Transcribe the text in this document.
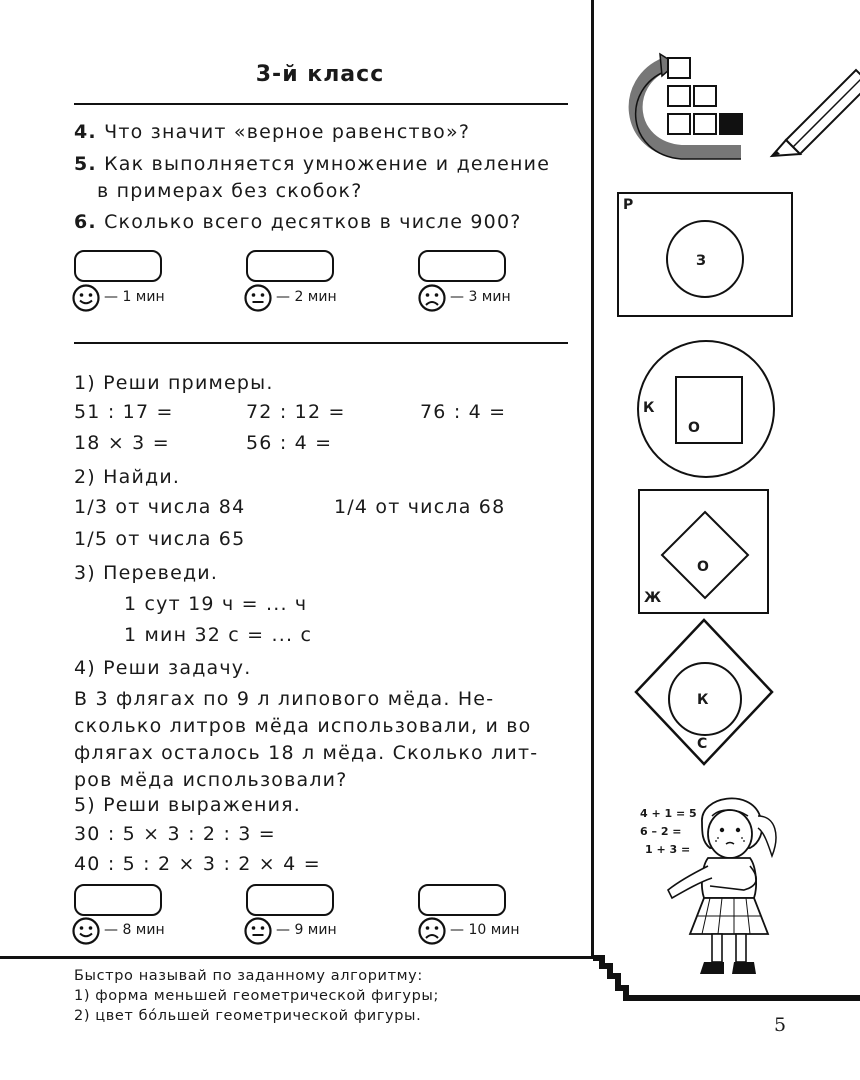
3-й класс
4. Что значит «верное равенство»?
5. Как выполняется умножение и деление
в примерах без скобок?
6. Сколько всего десятков в числе 900?
— 1 мин	— 2 мин	— 3 мин
1) Реши примеры.
51 : 17 =	72 : 12 =	76 : 4 =
18 × 3 =	56 : 4 =
2) Найди.
1/3 от числа 84	1/4 от числа 68
1/5 от числа 65
3) Переведи.
1 сут 19 ч = ... ч
1 мин 32 с = ... с
4) Реши задачу.
В 3 флягах по 9 л липового мёда. Не-
сколько литров мёда использовали, и во
флягах осталось 18 л мёда. Сколько лит-
ров мёда использовали?
5) Реши выражения.
30 : 5 × 3 : 2 : 3 =
40 : 5 : 2 × 3 : 2 × 4 =
— 8 мин	— 9 мин	— 10 мин
Быстро называй по заданному алгоритму:
1) форма меньшей геометрической фигуры;
2) цвет бо́льшей геометрической фигуры.	5
Р
З
К
О
О
Ж
К
С
4 + 1 = 5
6 – 2 =
1 + 3 =
